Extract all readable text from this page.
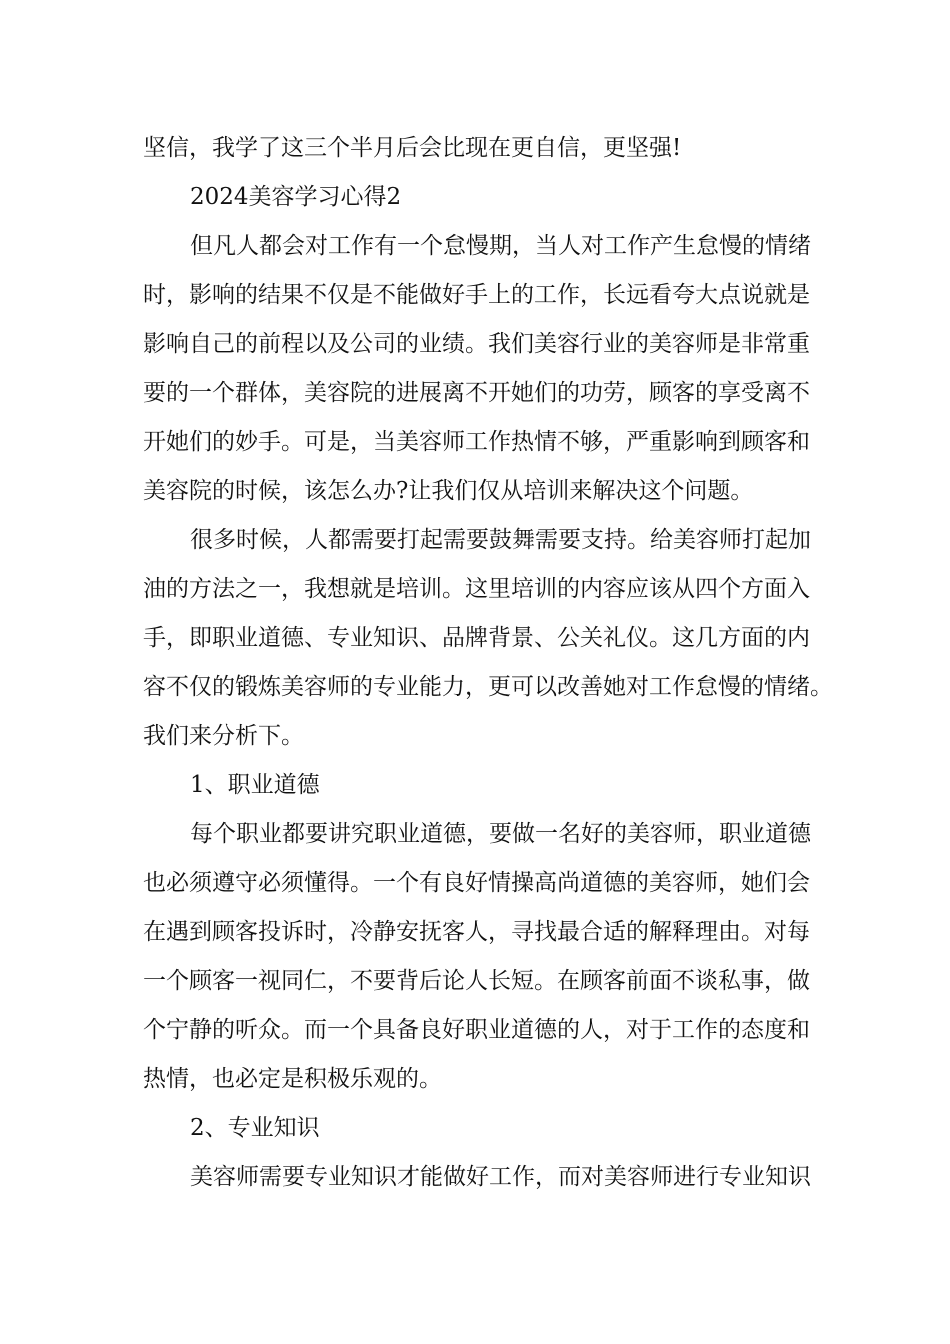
坚信，我学了这三个半月后会比现在更自信，更坚强!
2024美容学习心得2
但凡人都会对工作有一个怠慢期，当人对工作产生怠慢的情绪
时，影响的结果不仅是不能做好手上的工作，长远看夸大点说就是
影响自己的前程以及公司的业绩。我们美容行业的美容师是非常重
要的一个群体，美容院的进展离不开她们的功劳，顾客的享受离不
开她们的妙手。可是，当美容师工作热情不够，严重影响到顾客和
美容院的时候，该怎么办?让我们仅从培训来解决这个问题。
很多时候，人都需要打起需要鼓舞需要支持。给美容师打起加
油的方法之一，我想就是培训。这里培训的内容应该从四个方面入
手，即职业道德、专业知识、品牌背景、公关礼仪。这几方面的内
容不仅的锻炼美容师的专业能力，更可以改善她对工作怠慢的情绪。
我们来分析下。
1、职业道德
每个职业都要讲究职业道德，要做一名好的美容师，职业道德
也必须遵守必须懂得。一个有良好情操高尚道德的美容师，她们会
在遇到顾客投诉时，冷静安抚客人，寻找最合适的解释理由。对每
一个顾客一视同仁，不要背后论人长短。在顾客前面不谈私事，做
个宁静的听众。而一个具备良好职业道德的人，对于工作的态度和
热情，也必定是积极乐观的。
2、专业知识
美容师需要专业知识才能做好工作，而对美容师进行专业知识
